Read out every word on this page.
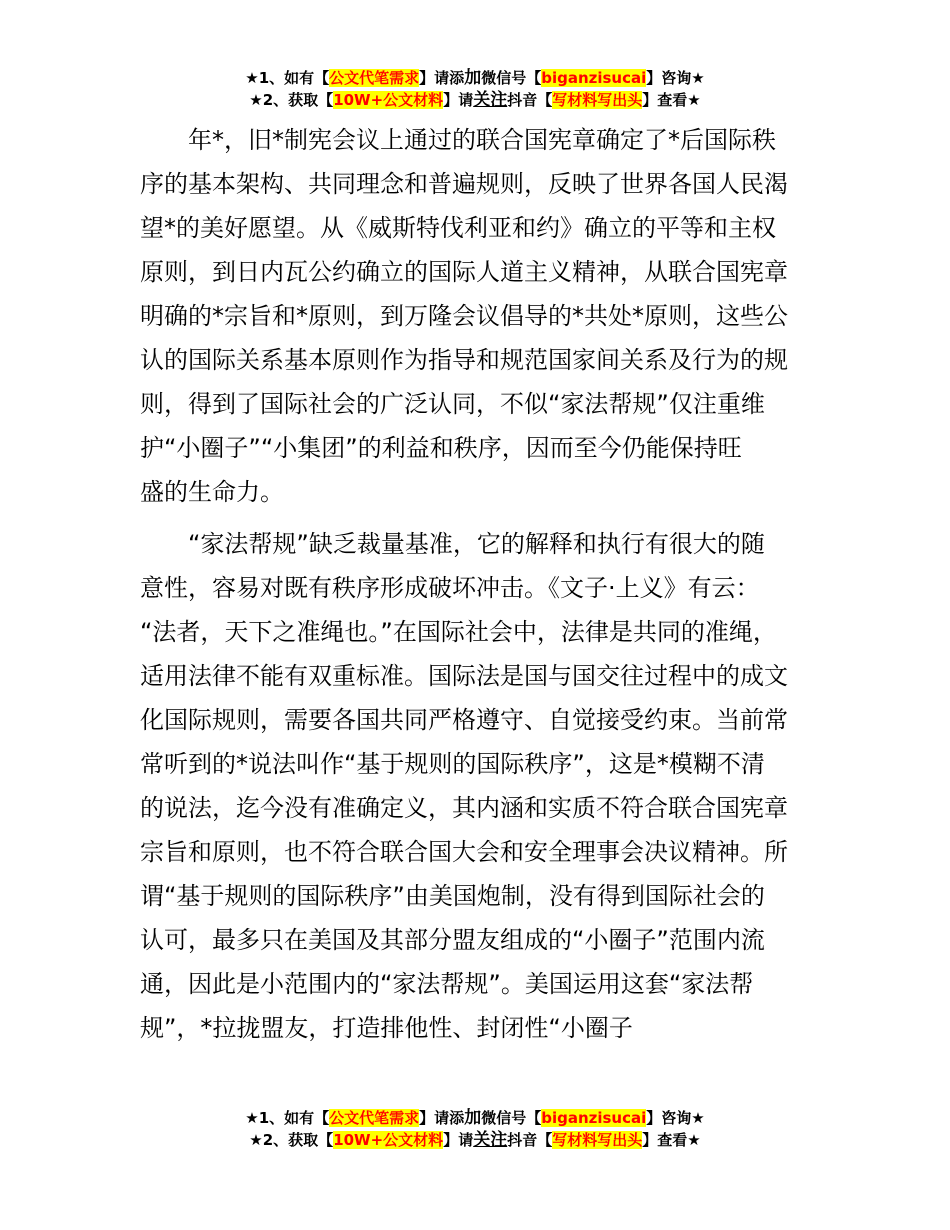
★1、如有【公文代笔需求】请添加微信号【biganzisucai】咨询★
★2、获取【10W+公文材料】请关注抖音【写材料写出头】查看★

年*，旧*制宪会议上通过的联合国宪章确定了*后国际秩
序的基本架构、共同理念和普遍规则，反映了世界各国人民渴
望*的美好愿望。从《威斯特伐利亚和约》确立的平等和主权
原则，到日内瓦公约确立的国际人道主义精神，从联合国宪章
明确的*宗旨和*原则，到万隆会议倡导的*共处*原则，这些公
认的国际关系基本原则作为指导和规范国家间关系及行为的规
则，得到了国际社会的广泛认同，不似“家法帮规”仅注重维
护“小圈子”“小集团”的利益和秩序，因而至今仍能保持旺
盛的生命力。

“家法帮规”缺乏裁量基准，它的解释和执行有很大的随
意性，容易对既有秩序形成破坏冲击。《文子·上义》有云：
“法者，天下之准绳也。”在国际社会中，法律是共同的准绳，
适用法律不能有双重标准。国际法是国与国交往过程中的成文
化国际规则，需要各国共同严格遵守、自觉接受约束。当前常
常听到的*说法叫作“基于规则的国际秩序”，这是*模糊不清
的说法，迄今没有准确定义，其内涵和实质不符合联合国宪章
宗旨和原则，也不符合联合国大会和安全理事会决议精神。所
谓“基于规则的国际秩序”由美国炮制，没有得到国际社会的
认可，最多只在美国及其部分盟友组成的“小圈子”范围内流
通，因此是小范围内的“家法帮规”。美国运用这套“家法帮
规”，*拉拢盟友，打造排他性、封闭性“小圈子

★1、如有【公文代笔需求】请添加微信号【biganzisucai】咨询★
★2、获取【10W+公文材料】请关注抖音【写材料写出头】查看★
